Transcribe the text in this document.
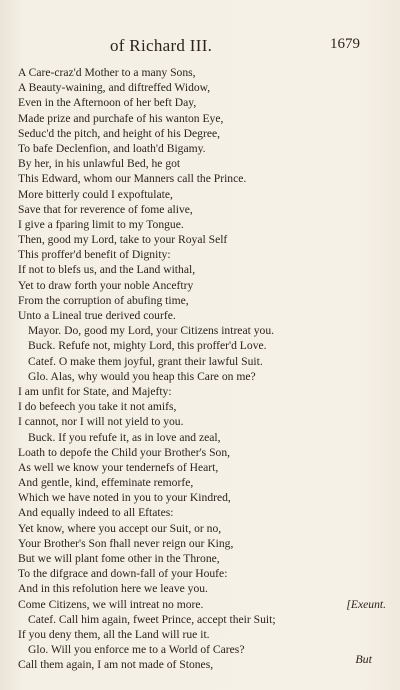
of Richard III.	1679
A Care-craz'd Mother to a many Sons,
A Beauty-waining, and diftreffed Widow,
Even in the Afternoon of her beft Day,
Made prize and purchafe of his wanton Eye,
Seduc'd the pitch, and height of his Degree,
To bafe Declenfion, and loath'd Bigamy.
By her, in his unlawful Bed, he got
This Edward, whom our Manners call the Prince.
More bitterly could I expoftulate,
Save that for reverence of fome alive,
I give a fparing limit to my Tongue.
Then, good my Lord, take to your Royal Self
This proffer'd benefit of Dignity:
If not to blefs us, and the Land withal,
Yet to draw forth your noble Anceftry
From the corruption of abufing time,
Unto a Lineal true derived courfe.
Mayor. Do, good my Lord, your Citizens intreat you.
Buck. Refufe not, mighty Lord, this proffer'd Love.
Catef. O make them joyful, grant their lawful Suit.
Glo. Alas, why would you heap this Care on me?
I am unfit for State, and Majefty:
I do befeech you take it not amifs,
I cannot, nor I will not yield to you.
Buck. If you refufe it, as in love and zeal,
Loath to depofe the Child your Brother's Son,
As well we know your tendernefs of Heart,
And gentle, kind, effeminate remorfe,
Which we have noted in you to your Kindred,
And equally indeed to all Eftates:
Yet know, where you accept our Suit, or no,
Your Brother's Son fhall never reign our King,
But we will plant fome other in the Throne,
To the difgrace and down-fall of your Houfe:
And in this refolution here we leave you.
Come Citizens, we will intreat no more.	[Exeunt.
Catef. Call him again, fweet Prince, accept their Suit;
If you deny them, all the Land will rue it.
Glo. Will you enforce me to a World of Cares?
Call them again, I am not made of Stones,	But
